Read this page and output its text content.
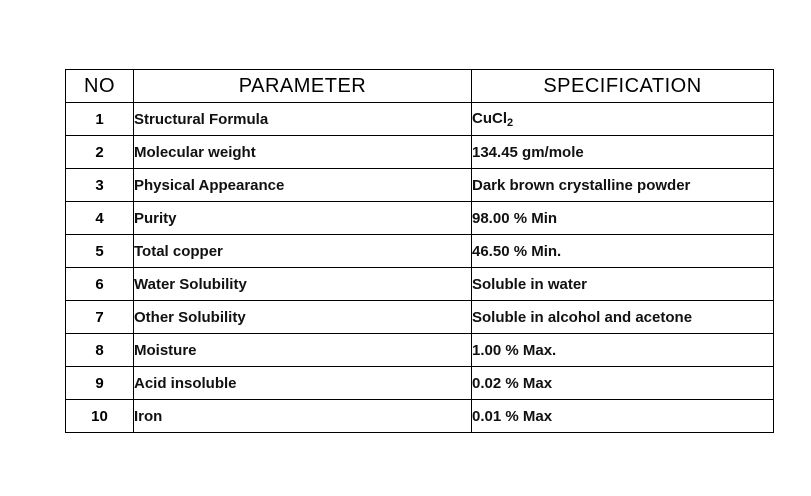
NO	PARAMETER	SPECIFICATION
1	Structural Formula	CuCl$_2$
2	Molecular weight	134.45 gm/mole
3	Physical Appearance	Dark brown crystalline powder
4	Purity	98.00 % Min
5	Total copper	46.50 % Min.
6	Water Solubility	Soluble in water
7	Other Solubility	Soluble in alcohol and acetone
8	Moisture	1.00 % Max.
9	Acid insoluble	0.02 % Max
10	Iron	0.01 % Max
